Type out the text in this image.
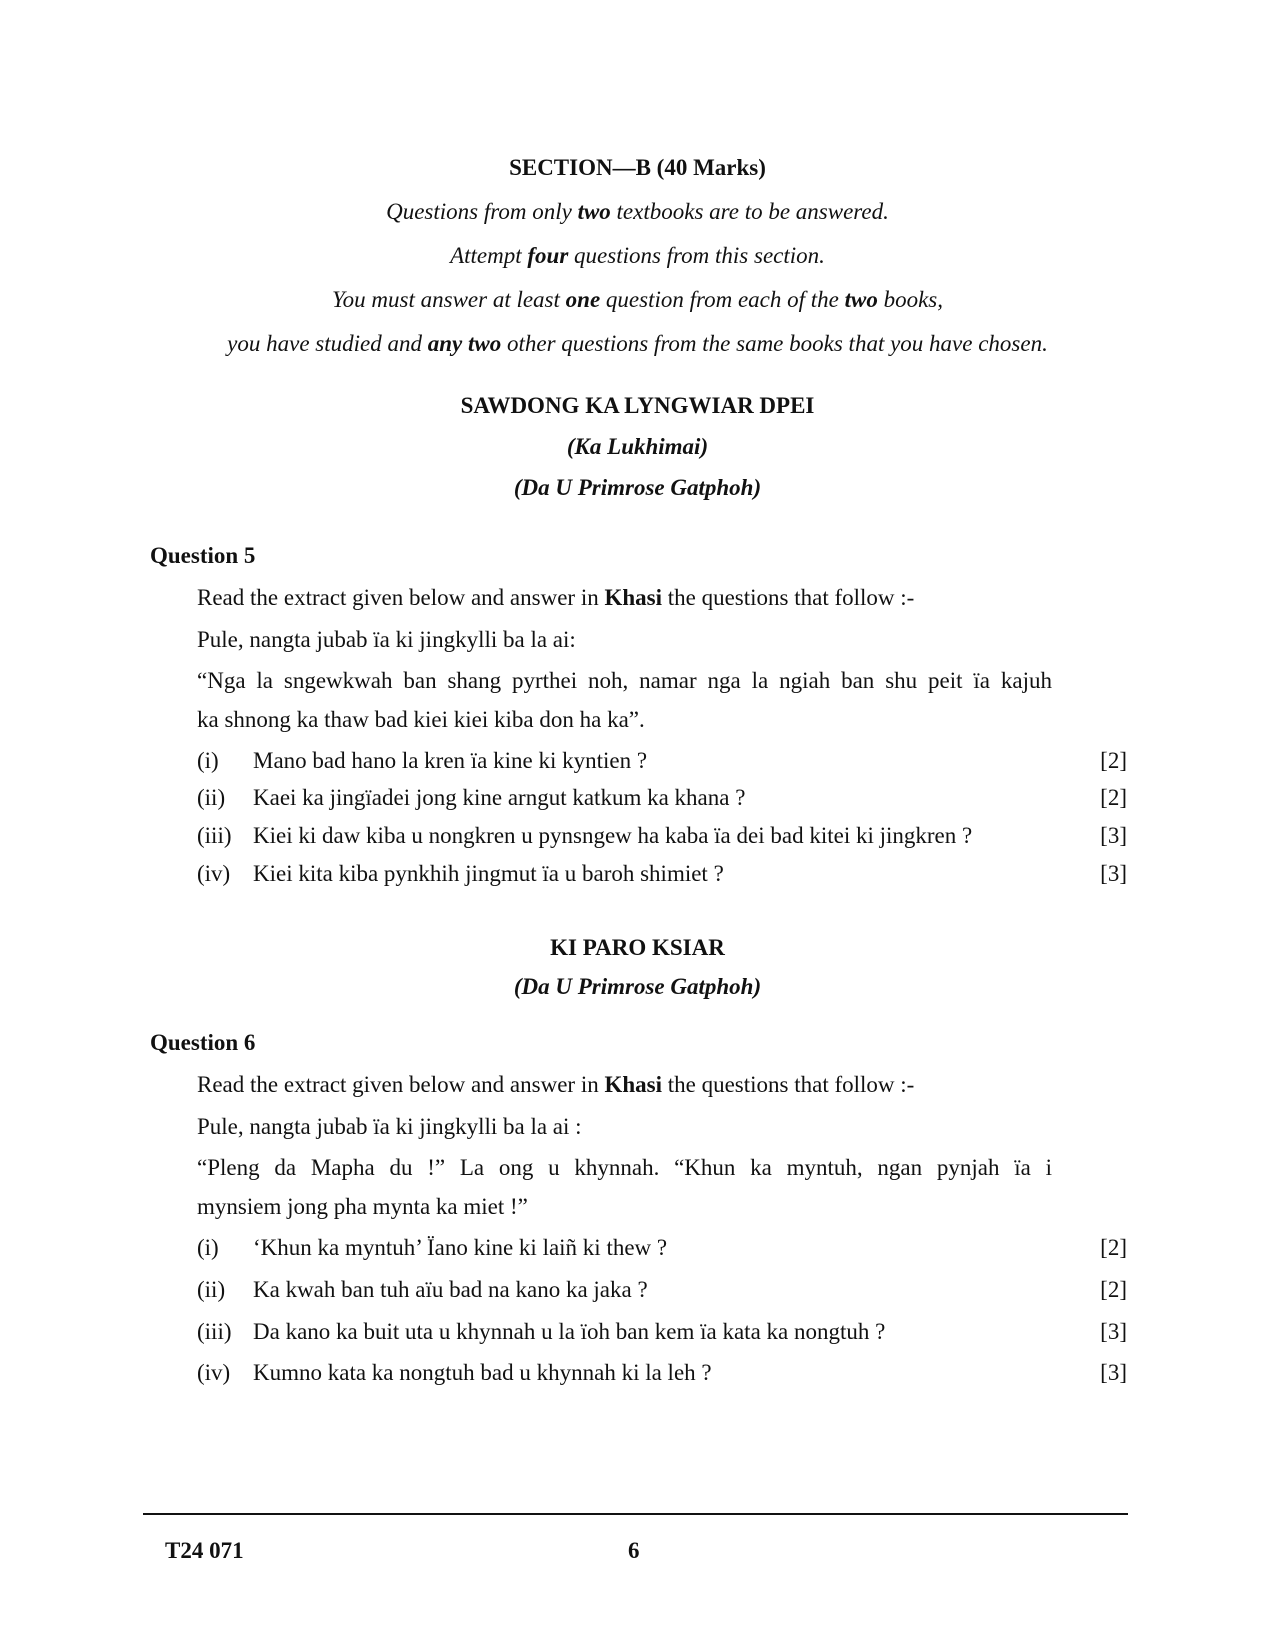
SECTION—B (40 Marks)
Questions from only two textbooks are to be answered.
Attempt four questions from this section.
You must answer at least one question from each of the two books,
you have studied and any two other questions from the same books that you have chosen.
SAWDONG KA LYNGWIAR DPEI
(Ka Lukhimai)
(Da U Primrose Gatphoh)
Question 5
Read the extract given below and answer in Khasi the questions that follow :-
Pule, nangta jubab ïa ki jingkylli ba la ai:
“Nga la sngewkwah ban shang pyrthei noh, namar nga la ngiah ban shu peit ïa kajuh
ka shnong ka thaw bad kiei kiei kiba don ha ka”.
(i) Mano bad hano la kren ïa kine ki kyntien ?	[2]
(ii) Kaei ka jingïadei jong kine arngut katkum ka khana ?	[2]
(iii) Kiei ki daw kiba u nongkren u pynsngew ha kaba ïa dei bad kitei ki jingkren ?	[3]
(iv) Kiei kita kiba pynkhih jingmut ïa u baroh shimiet ?	[3]
KI PARO KSIAR
(Da U Primrose Gatphoh)
Question 6
Read the extract given below and answer in Khasi the questions that follow :-
Pule, nangta jubab ïa ki jingkylli ba la ai :
“Pleng da Mapha du !” La ong u khynnah. “Khun ka myntuh, ngan pynjah ïa i
mynsiem jong pha mynta ka miet !”
(i) ‘Khun ka myntuh’ Ïano kine ki laiñ ki thew ?	[2]
(ii) Ka kwah ban tuh aïu bad na kano ka jaka ?	[2]
(iii) Da kano ka buit uta u khynnah u la ïoh ban kem ïa kata ka nongtuh ?	[3]
(iv) Kumno kata ka nongtuh bad u khynnah ki la leh ?	[3]
T24 071	6
